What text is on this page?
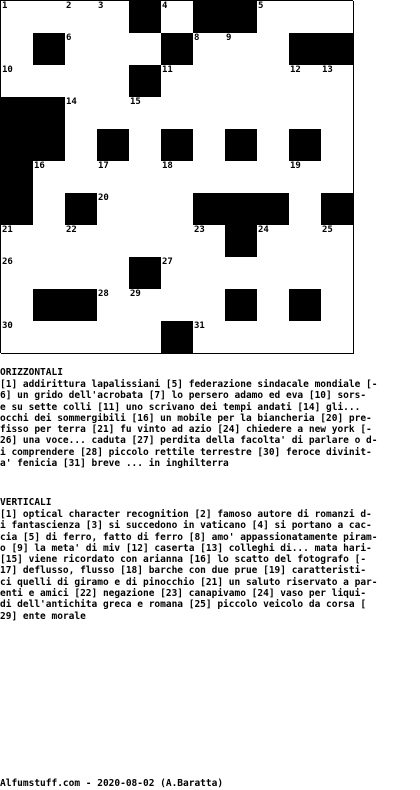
1	2	3	4	5
6	8	9
10	11	12 13
14	15
16	17	18	19
20
21	22	23	24	25
26	27
28 29
30	31
ORIZZONTALI
[1] addirittura lapalissiani [5] federazione sindacale mondiale [-
6] un grido dell'acrobata [7] lo persero adamo ed eva [10] sors-
e su sette colli [11] uno scrivano dei tempi andati [14] gli...
occhi dei sommergibili [16] un mobile per la biancheria [20] pre-
fisso per terra [21] fu vinto ad azio [24] chiedere a new york [-
26] una voce... caduta [27] perdita della facolta' di parlare o d-
i comprendere [28] piccolo rettile terrestre [30] feroce divinit-
a' fenicia [31] breve ... in inghilterra
VERTICALI
[1] optical character recognition [2] famoso autore di romanzi d-
i fantascienza [3] si succedono in vaticano [4] si portano a cac-
cia [5] di ferro, fatto di ferro [8] amo' appassionatamente piram-
o [9] la meta' di miv [12] caserta [13] colleghi di... mata hari-
[15] viene ricordato con arianna [16] lo scatto del fotografo [-
17] deflusso, flusso [18] barche con due prue [19] caratteristi-
ci quelli di giramo e di pinocchio [21] un saluto riservato a par-
enti e amici [22] negazione [23] canapivamo [24] vaso per liqui-
di dell'antichita greca e romana [25] piccolo veicolo da corsa [
29] ente morale
Alfumstuff.com - 2020-08-02 (A.Baratta)
